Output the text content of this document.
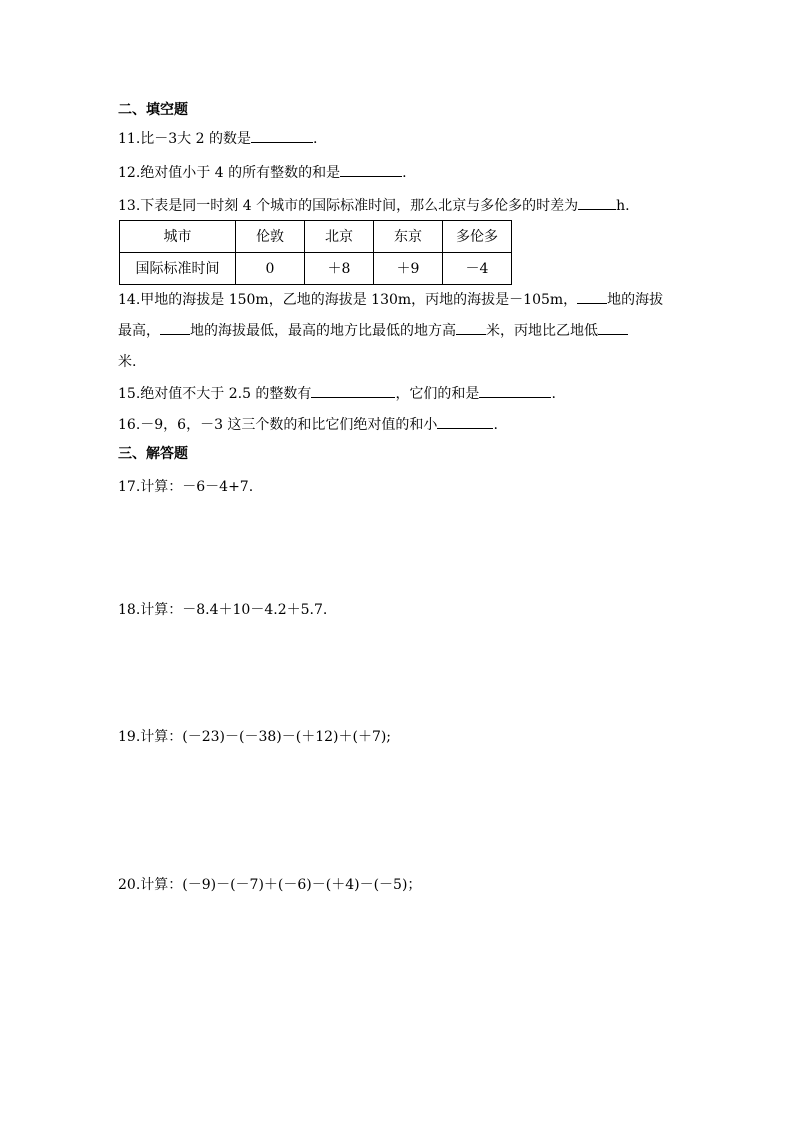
二、填空题

11.比－3大 2 的数是	.

12.绝对值小于 4 的所有整数的和是	.

13.下表是同一时刻 4 个城市的国际标准时间，那么北京与多伦多的时差为	h.

城市	伦敦	北京	东京	多伦多
国际标准时间	0	＋8	＋9	－4

14.甲地的海拔是 150m，乙地的海拔是 130m，丙地的海拔是－105m， 地的海拔

最高， 地的海拔最低，最高的地方比最低的地方高 米，丙地比乙地低

米.

15.绝对值不大于 2.5 的整数有	，它们的和是	.

16.－9，6，－3 这三个数的和比它们绝对值的和小	.

三、解答题

17.计算：－6－4+7.

18.计算：－8.4＋10－4.2＋5.7.

19.计算：(－23)－(－38)－(＋12)＋(＋7);

20.计算：(－9)－(－7)＋(－6)－(＋4)－(－5)；
